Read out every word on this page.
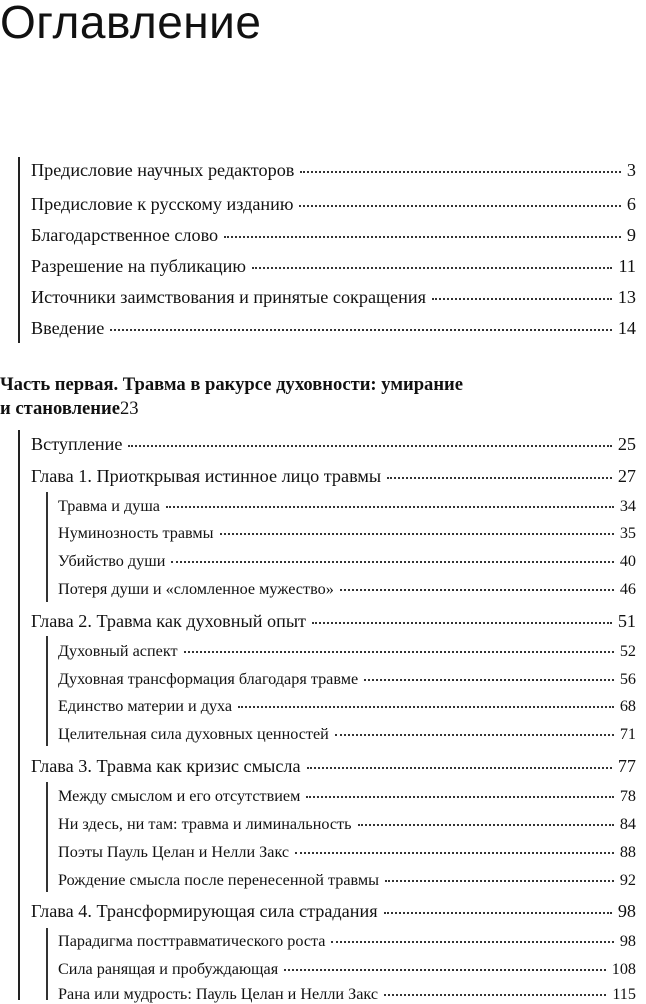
Оглавление
Предисловие научных редакторов	3
Предисловие к русскому изданию	6
Благодарственное слово	9
Разрешение на публикацию	11
Источники заимствования и принятые сокращения	13
Введение	14
Часть первая. Травма в ракурсе духовности: умирание
и становление 23
Вступление	25
Глава 1. Приоткрывая истинное лицо травмы	27
Травма и душа	34
Нуминозность травмы	35
Убийство души	40
Потеря души и «сломленное мужество»	46
Глава 2. Травма как духовный опыт	51
Духовный аспект	52
Духовная трансформация благодаря травме	56
Единство материи и духа	68
Целительная сила духовных ценностей	71
Глава 3. Травма как кризис смысла	77
Между смыслом и его отсутствием	78
Ни здесь, ни там: травма и лиминальность	84
Поэты Пауль Целан и Нелли Закс	88
Рождение смысла после перенесенной травмы	92
Глава 4. Трансформирующая сила страдания	98
Парадигма посттравматического роста	98
Сила ранящая и пробуждающая	108
Рана или мудрость: Пауль Целан и Нелли Закс	115
